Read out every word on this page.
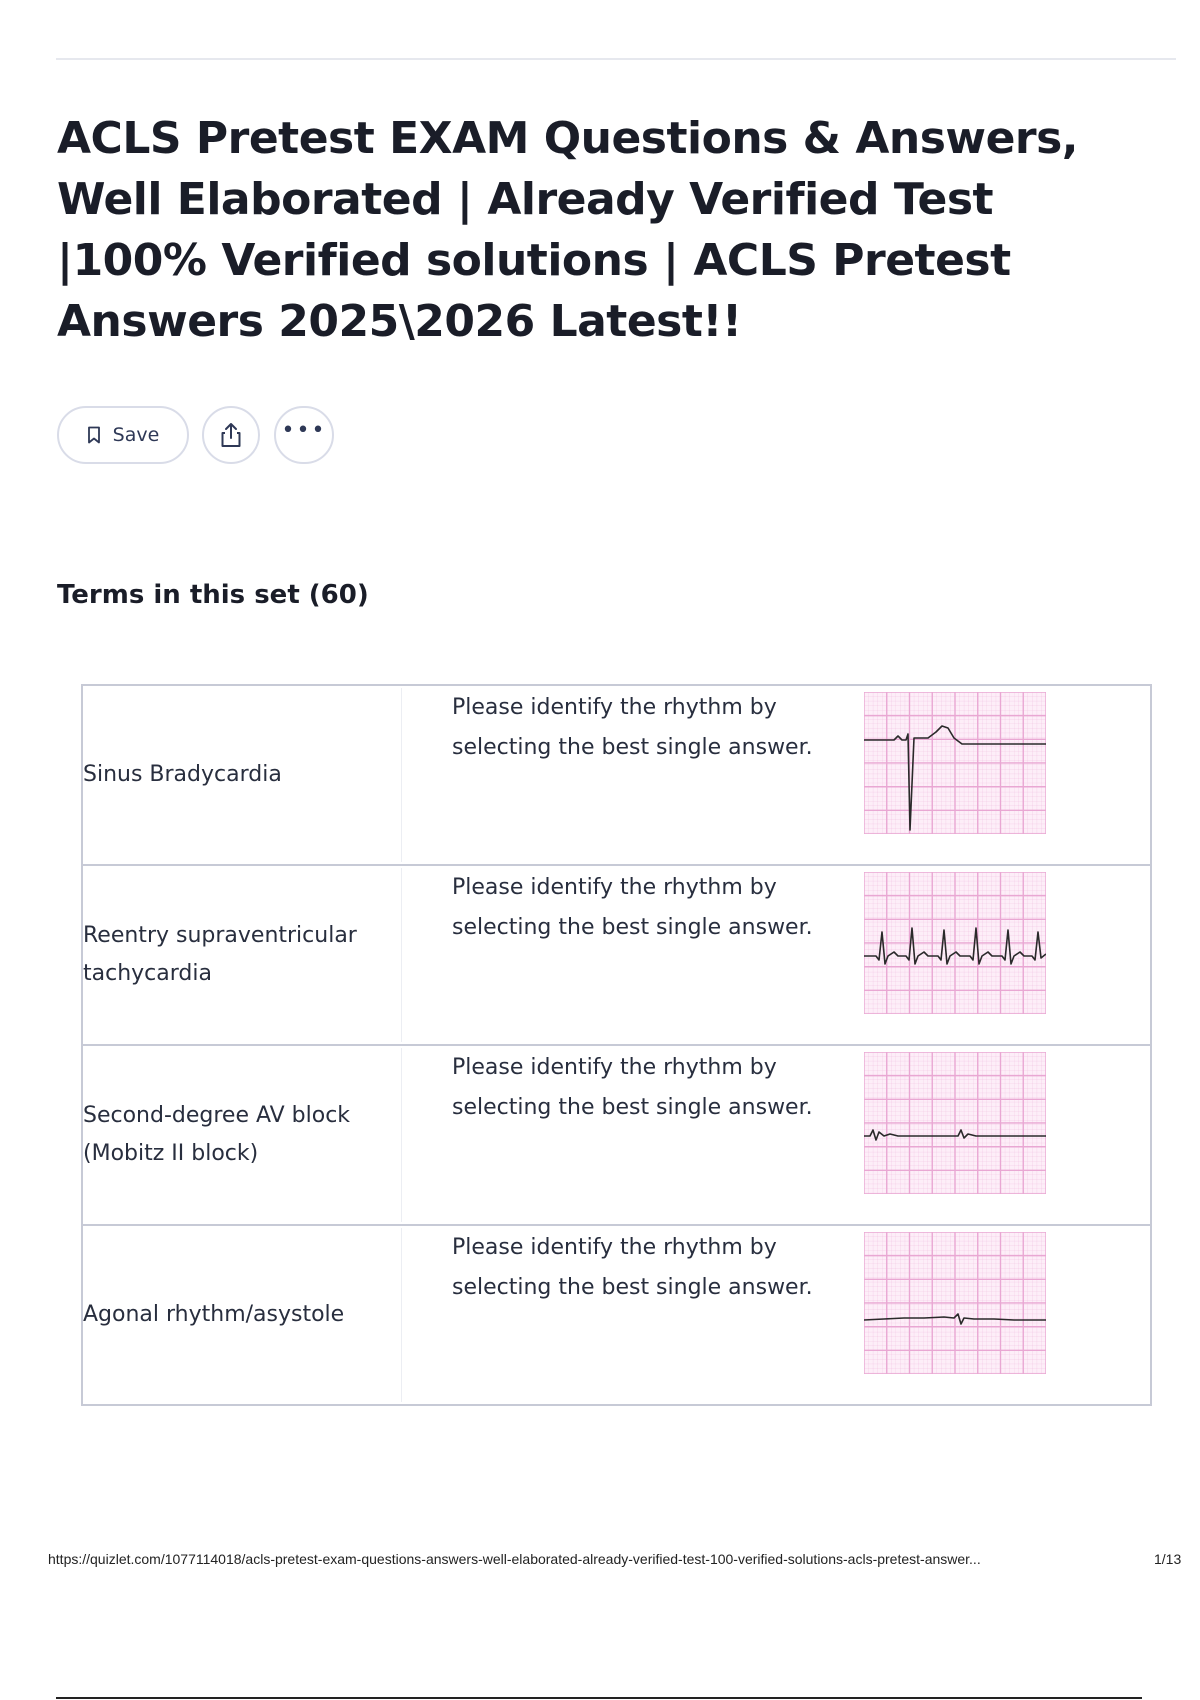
ACLS Pretest EXAM Questions & Answers, Well Elaborated | Already Verified Test |100% Verified solutions | ACLS Pretest Answers 2025\2026 Latest!!
Save	•••
Terms in this set (60)
Sinus Bradycardia
Please identify the rhythm by selecting the best single answer.
Reentry supraventricular tachycardia
Please identify the rhythm by selecting the best single answer.
Second-degree AV block (Mobitz II block)
Please identify the rhythm by selecting the best single answer.
Agonal rhythm/asystole
Please identify the rhythm by selecting the best single answer.
https://quizlet.com/1077114018/acls-pretest-exam-questions-answers-well-elaborated-already-verified-test-100-verified-solutions-acls-pretest-answer...	1/13
